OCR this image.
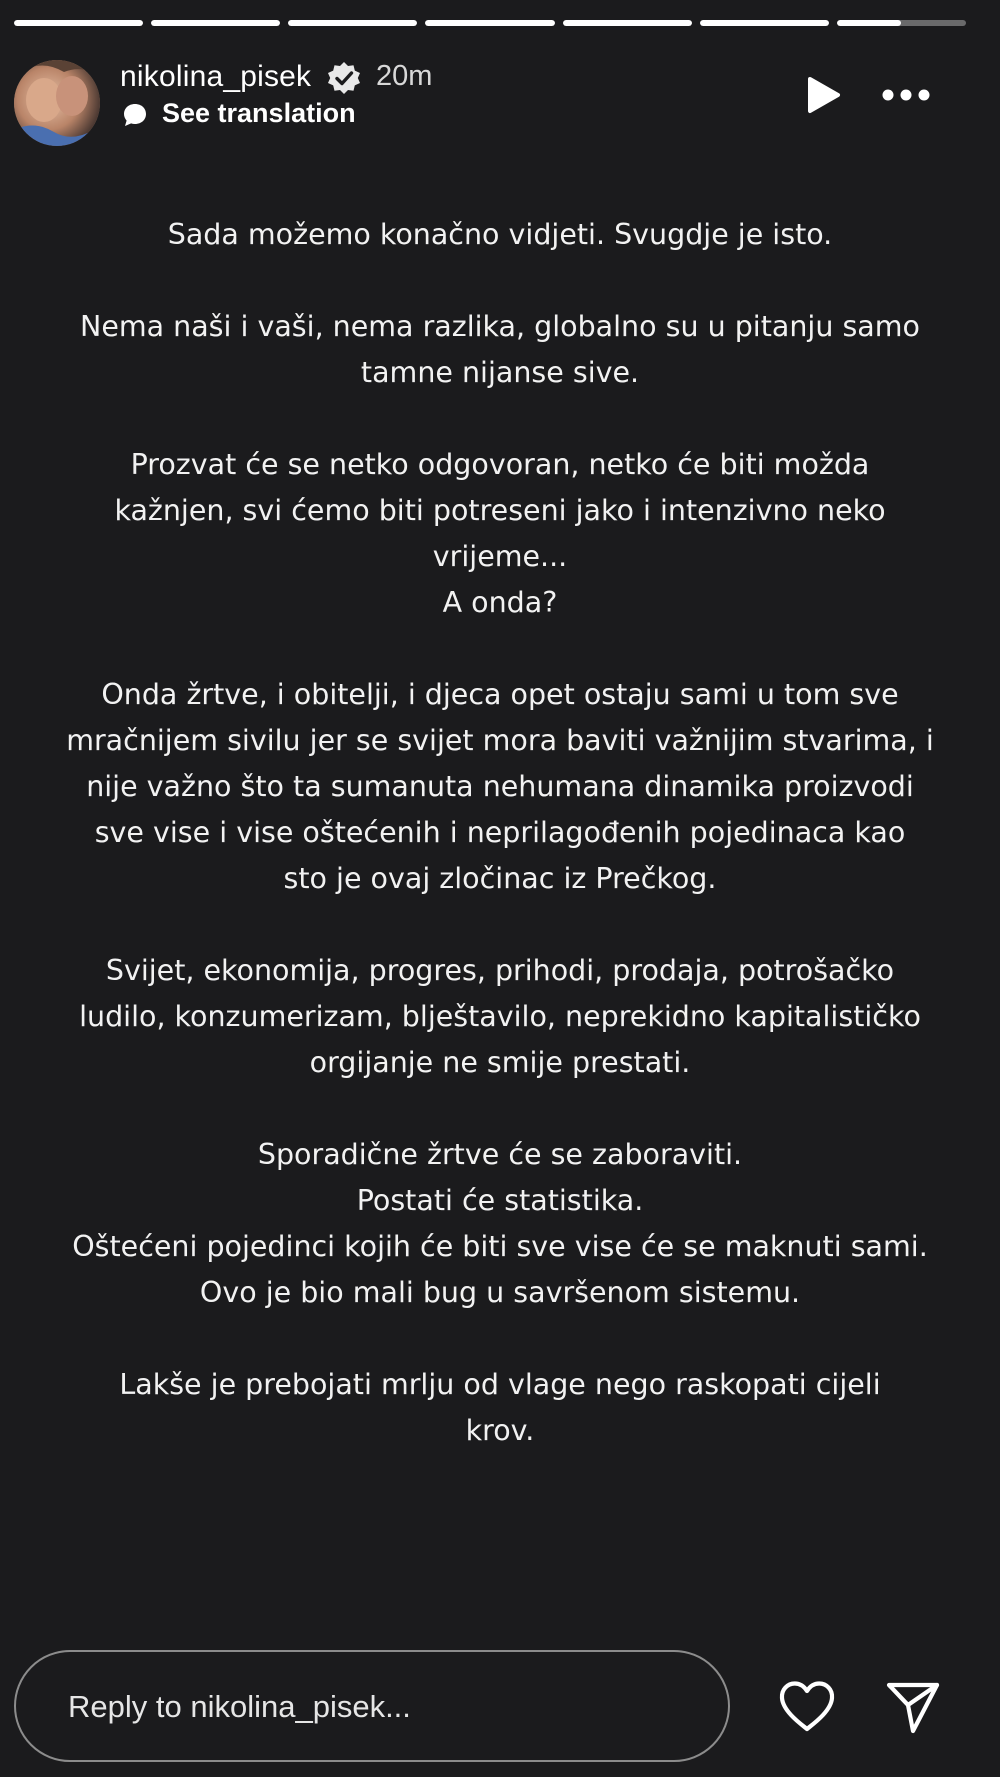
nikolina_pisek 20m
See translation
Sada možemo konačno vidjeti. Svugdje je isto.
Nema naši i vaši, nema razlika, globalno su u pitanju samo
tamne nijanse sive.
Prozvat će se netko odgovoran, netko će biti možda
kažnjen, svi ćemo biti potreseni jako i intenzivno neko
vrijeme...
A onda?
Onda žrtve, i obitelji, i djeca opet ostaju sami u tom sve
mračnijem sivilu jer se svijet mora baviti važnijim stvarima, i
nije važno što ta sumanuta nehumana dinamika proizvodi
sve vise i vise oštećenih i neprilagođenih pojedinaca kao
sto je ovaj zločinac iz Prečkog.
Svijet, ekonomija, progres, prihodi, prodaja, potrošačko
ludilo, konzumerizam, blještavilo, neprekidno kapitalističko
orgijanje ne smije prestati.
Sporadične žrtve će se zaboraviti.
Postati će statistika.
Oštećeni pojedinci kojih će biti sve vise će se maknuti sami.
Ovo je bio mali bug u savršenom sistemu.
Lakše je prebojati mrlju od vlage nego raskopati cijeli
krov.
Reply to nikolina_pisek...
